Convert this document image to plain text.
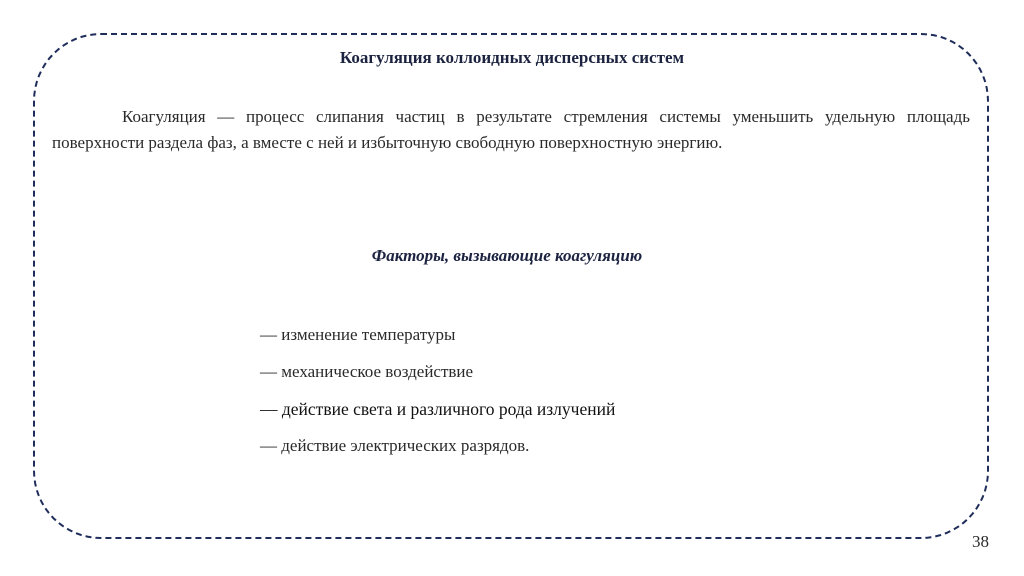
Коагуляция коллоидных дисперсных систем

Коагуляция — процесс слипания частиц в результате стремления системы уменьшить удельную площадь поверхности раздела фаз, а вместе с ней и избыточную свободную поверхностную энергию.

Факторы, вызывающие коагуляцию
— изменение температуры
— механическое воздействие
— действие света и различного рода излучений
— действие электрических разрядов.
38
